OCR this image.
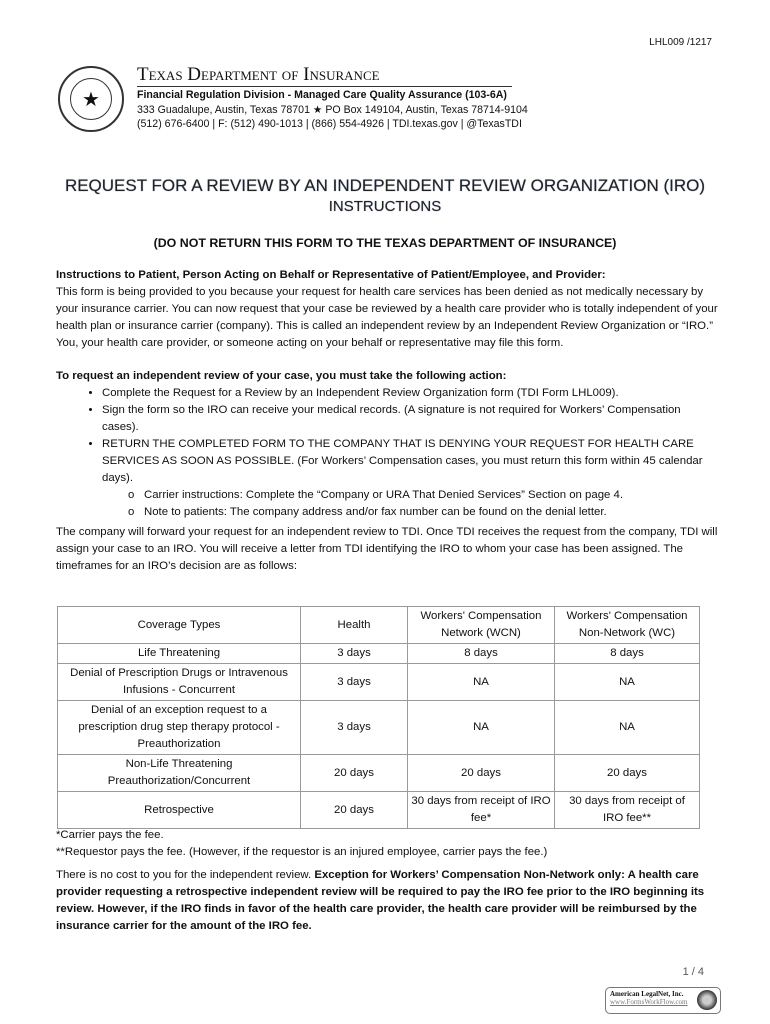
LHL009 /1217
★
Texas Department of Insurance
Financial Regulation Division - Managed Care Quality Assurance (103-6A)
333 Guadalupe, Austin, Texas 78701 ★ PO Box 149104, Austin, Texas 78714-9104
(512) 676-6400 | F: (512) 490-1013 | (866) 554-4926 | TDI.texas.gov | @TexasTDI
REQUEST FOR A REVIEW BY AN INDEPENDENT REVIEW ORGANIZATION (IRO)
INSTRUCTIONS
(DO NOT RETURN THIS FORM TO THE TEXAS DEPARTMENT OF INSURANCE)
Instructions to Patient, Person Acting on Behalf or Representative of Patient/Employee, and Provider:
This form is being provided to you because your request for health care services has been denied as not medically necessary by your insurance carrier. You can now request that your case be reviewed by a health care provider who is totally independent of your health plan or insurance carrier (company). This is called an independent review by an Independent Review Organization or “IRO.” You, your health care provider, or someone acting on your behalf or representative may file this form.
To request an independent review of your case, you must take the following action:
• Complete the Request for a Review by an Independent Review Organization form (TDI Form LHL009).
• Sign the form so the IRO can receive your medical records. (A signature is not required for Workers’ Compensation cases).
• RETURN THE COMPLETED FORM TO THE COMPANY THAT IS DENYING YOUR REQUEST FOR HEALTH CARE SERVICES AS SOON AS POSSIBLE. (For Workers’ Compensation cases, you must return this form within 45 calendar days).
o Carrier instructions: Complete the “Company or URA That Denied Services” Section on page 4.
o Note to patients: The company address and/or fax number can be found on the denial letter.
The company will forward your request for an independent review to TDI. Once TDI receives the request from the company, TDI will assign your case to an IRO. You will receive a letter from TDI identifying the IRO to whom your case has been assigned. The timeframes for an IRO’s decision are as follows:
Coverage Types	Health	Workers' Compensation Network (WCN)	Workers' Compensation Non-Network (WC)
Life Threatening	3 days	8 days	8 days
Denial of Prescription Drugs or Intravenous Infusions - Concurrent	3 days	NA	NA
Denial of an exception request to a prescription drug step therapy protocol - Preauthorization	3 days	NA	NA
Non-Life Threatening Preauthorization/Concurrent	20 days	20 days	20 days
Retrospective	20 days	30 days from receipt of IRO fee*	30 days from receipt of IRO fee**
*Carrier pays the fee.
**Requestor pays the fee. (However, if the requestor is an injured employee, carrier pays the fee.)
There is no cost to you for the independent review. Exception for Workers’ Compensation Non-Network only: A health care provider requesting a retrospective independent review will be required to pay the IRO fee prior to the IRO beginning its review. However, if the IRO finds in favor of the health care provider, the health care provider will be reimbursed by the insurance carrier for the amount of the IRO fee.
1 / 4
American LegalNet, Inc.
www.FormsWorkFlow.com
